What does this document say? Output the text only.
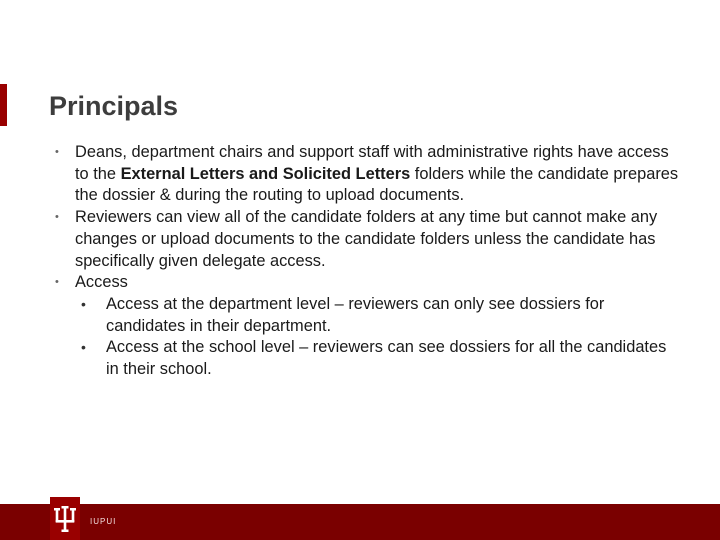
Principals
• Deans, department chairs and support staff with administrative rights have access to the External Letters and Solicited Letters folders while the candidate prepares the dossier & during the routing to upload documents.
• Reviewers can view all of the candidate folders at any time but cannot make any changes or upload documents to the candidate folders unless the candidate has specifically given delegate access.
• Access
• Access at the department level – reviewers can only see dossiers for candidates in their department.
• Access at the school level – reviewers can see dossiers for all the candidates in their school.
IUPUI
